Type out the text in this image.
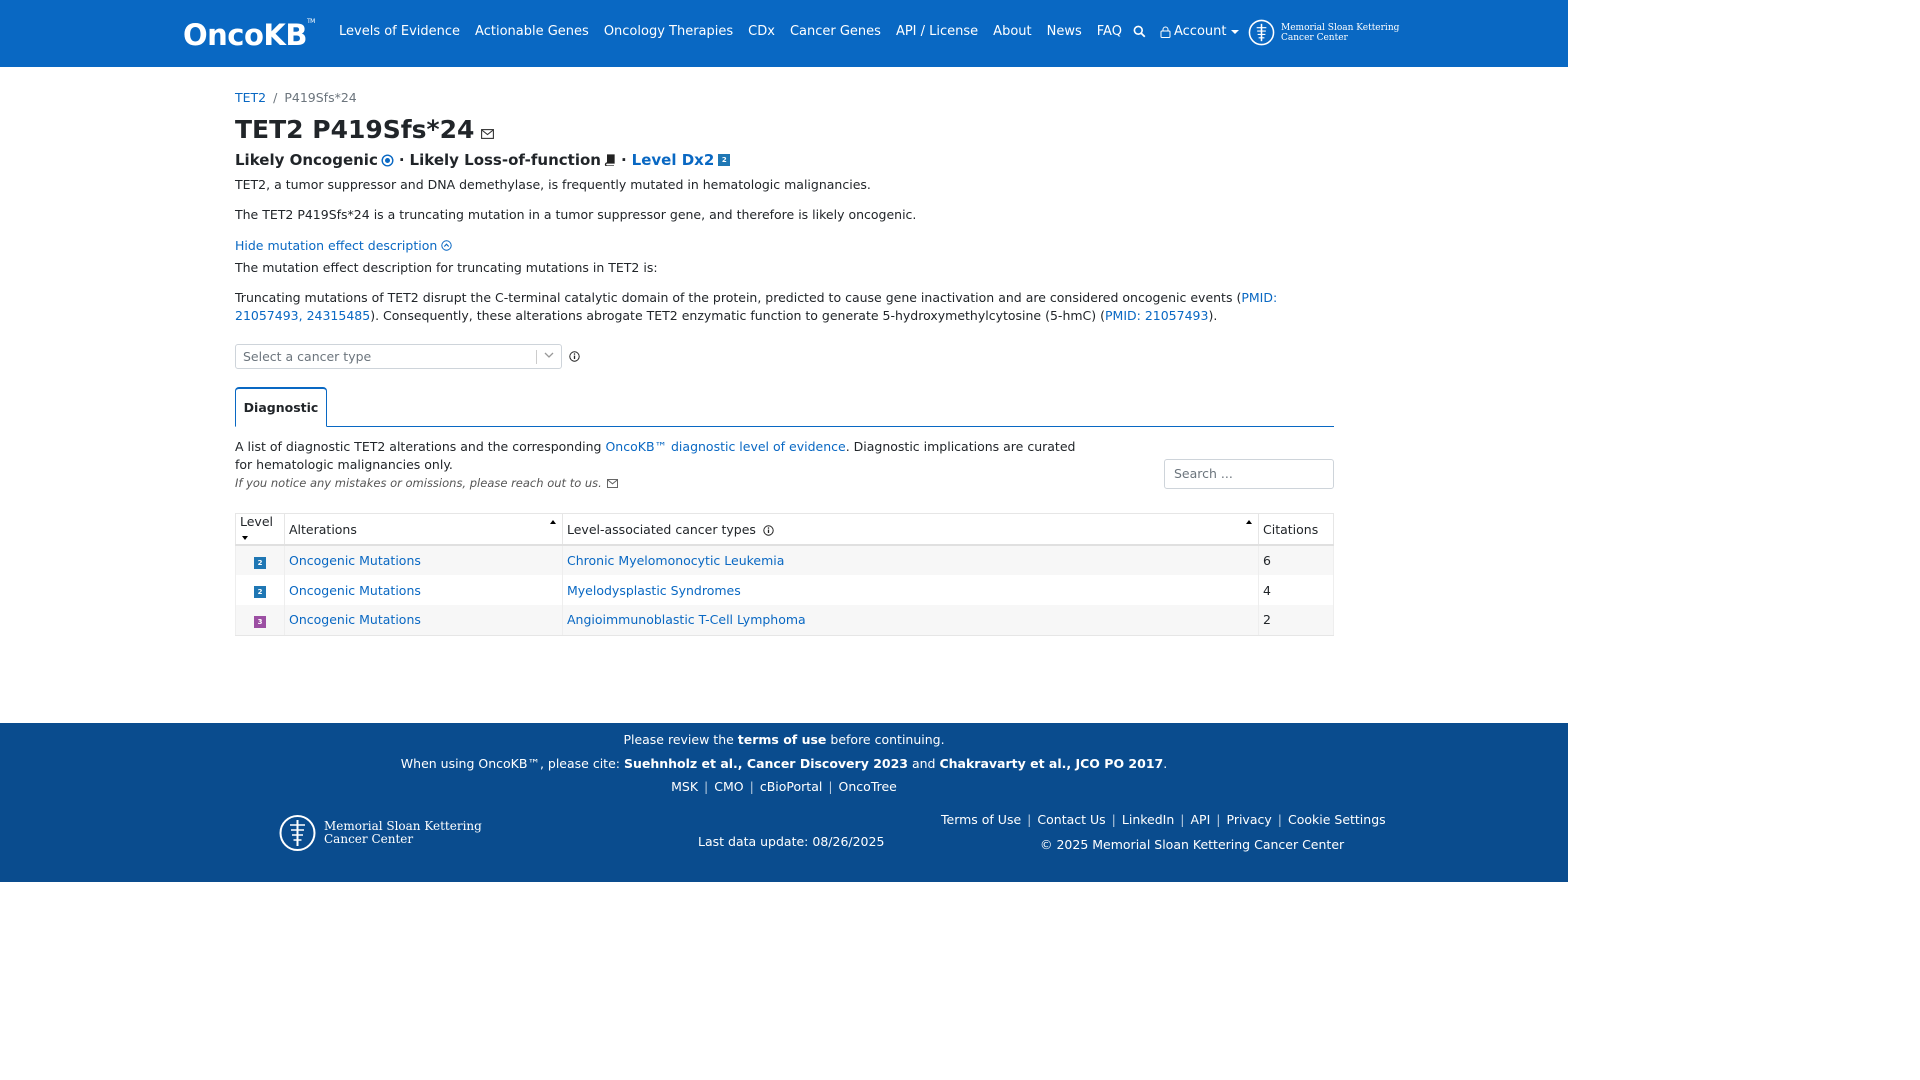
OncoKB™
Levels of Evidence Actionable Genes Oncology Therapies CDx Cancer Genes API / License About News FAQ	Account	Memorial Sloan Kettering
Cancer Center
TET2 / P419Sfs*24
TET2 P419Sfs*24
Likely Oncogenic · Likely Loss-of-function · Level Dx2	2

TET2, a tumor suppressor and DNA demethylase, is frequently mutated in hematologic malignancies.

The TET2 P419Sfs*24 is a truncating mutation in a tumor suppressor gene, and therefore is likely oncogenic.

Hide mutation effect description

The mutation effect description for truncating mutations in TET2 is:

Truncating mutations of TET2 disrupt the C-terminal catalytic domain of the protein, predicted to cause gene inactivation and are considered oncogenic events (PMID: 21057493, 24315485). Consequently, these alterations abrogate TET2 enzymatic function to generate 5-hydroxymethylcytosine (5-hmC) (PMID: 21057493).

Select a cancer type
Diagnostic
A list of diagnostic TET2 alterations and the corresponding OncoKB™ diagnostic level of evidence. Diagnostic implications are curated for hematologic malignancies only.
If you notice any mistakes or omissions, please reach out to us.
Search ...
Level	Alterations	Level-associated cancer types	Citations
2	Oncogenic Mutations	Chronic Myelomonocytic Leukemia	6
2	Oncogenic Mutations	Myelodysplastic Syndromes	4
3	Oncogenic Mutations	Angioimmunoblastic T-Cell Lymphoma	2
Please review the terms of use before continuing.
When using OncoKB™, please cite: Suehnholz et al., Cancer Discovery 2023 and Chakravarty et al., JCO PO 2017.
MSK | CMO | cBioPortal | OncoTree
Memorial Sloan Kettering
Cancer Center	Last data update: 08/26/2025
Terms of Use | Contact Us | LinkedIn | API | Privacy | Cookie Settings
© 2025 Memorial Sloan Kettering Cancer Center
